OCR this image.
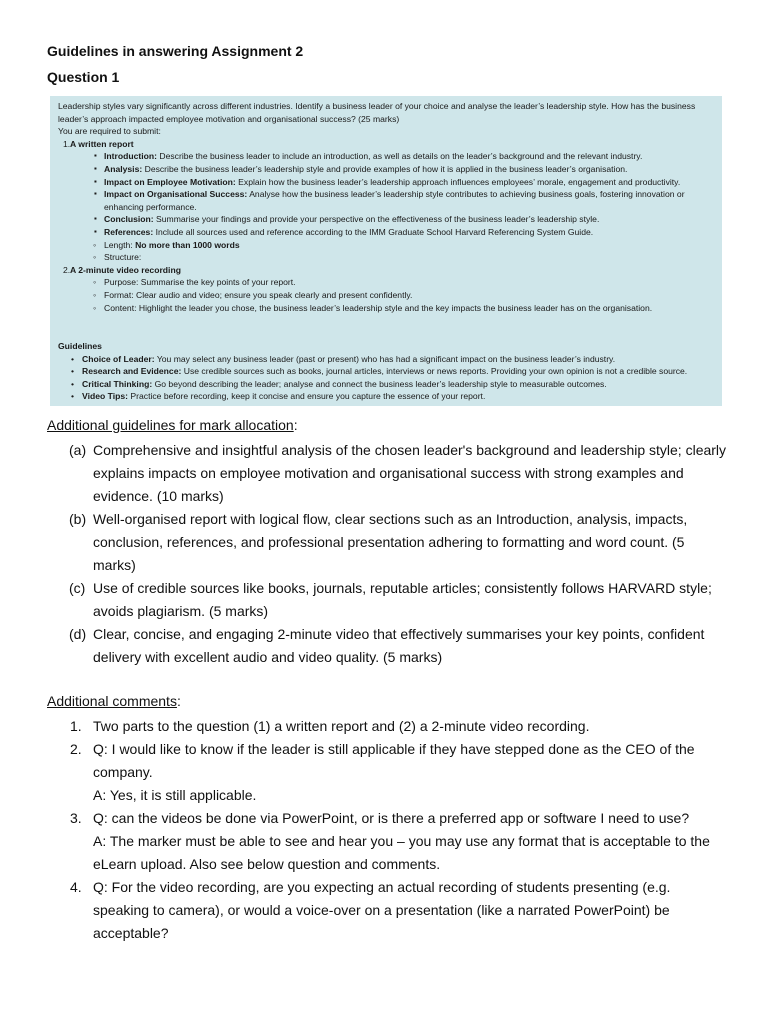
Guidelines in answering Assignment 2
Question 1

Leadership styles vary significantly across different industries. Identify a business leader of your choice and analyse the leader’s leadership style. How has the business leader’s approach impacted employee motivation and organisational success? (25 marks)

You are required to submit:

1. A written report
▪ Introduction: Describe the business leader to include an introduction, as well as details on the leader’s background and the relevant industry.
▪ Analysis: Describe the business leader’s leadership style and provide examples of how it is applied in the business leader’s organisation.
▪ Impact on Employee Motivation: Explain how the business leader’s leadership approach influences employees’ morale, engagement and productivity.
▪ Impact on Organisational Success: Analyse how the business leader’s leadership style contributes to achieving business goals, fostering innovation or enhancing performance.
▪ Conclusion: Summarise your findings and provide your perspective on the effectiveness of the business leader’s leadership style.
▪ References: Include all sources used and reference according to the IMM Graduate School Harvard Referencing System Guide.
◦ Length: No more than 1000 words
◦ Structure:
2. A 2-minute video recording
◦ Purpose: Summarise the key points of your report.
◦ Format: Clear audio and video; ensure you speak clearly and present confidently.
◦ Content: Highlight the leader you chose, the business leader’s leadership style and the key impacts the business leader has on the organisation.

Guidelines

• Choice of Leader: You may select any business leader (past or present) who has had a significant impact on the business leader’s industry.
• Research and Evidence: Use credible sources such as books, journal articles, interviews or news reports. Providing your own opinion is not a credible source.
• Critical Thinking: Go beyond describing the leader; analyse and connect the business leader’s leadership style to measurable outcomes.
• Video Tips: Practice before recording, keep it concise and ensure you capture the essence of your report.
Additional guidelines for mark allocation:
(a) Comprehensive and insightful analysis of the chosen leader's background and leadership style; clearly explains impacts on employee motivation and organisational success with strong examples and evidence. (10 marks)
(b) Well-organised report with logical flow, clear sections such as an Introduction, analysis, impacts, conclusion, references, and professional presentation adhering to formatting and word count. (5 marks)
(c) Use of credible sources like books, journals, reputable articles; consistently follows HARVARD style; avoids plagiarism. (5 marks)
(d) Clear, concise, and engaging 2-minute video that effectively summarises your key points, confident delivery with excellent audio and video quality. (5 marks)
Additional comments:
1. Two parts to the question (1) a written report and (2) a 2-minute video recording.
2. Q: I would like to know if the leader is still applicable if they have stepped done as the CEO of the company.
A: Yes, it is still applicable.
3. Q: can the videos be done via PowerPoint, or is there a preferred app or software I need to use?
A: The marker must be able to see and hear you – you may use any format that is acceptable to the eLearn upload. Also see below question and comments.
4. Q: For the video recording, are you expecting an actual recording of students presenting (e.g. speaking to camera), or would a voice-over on a presentation (like a narrated PowerPoint) be acceptable?
